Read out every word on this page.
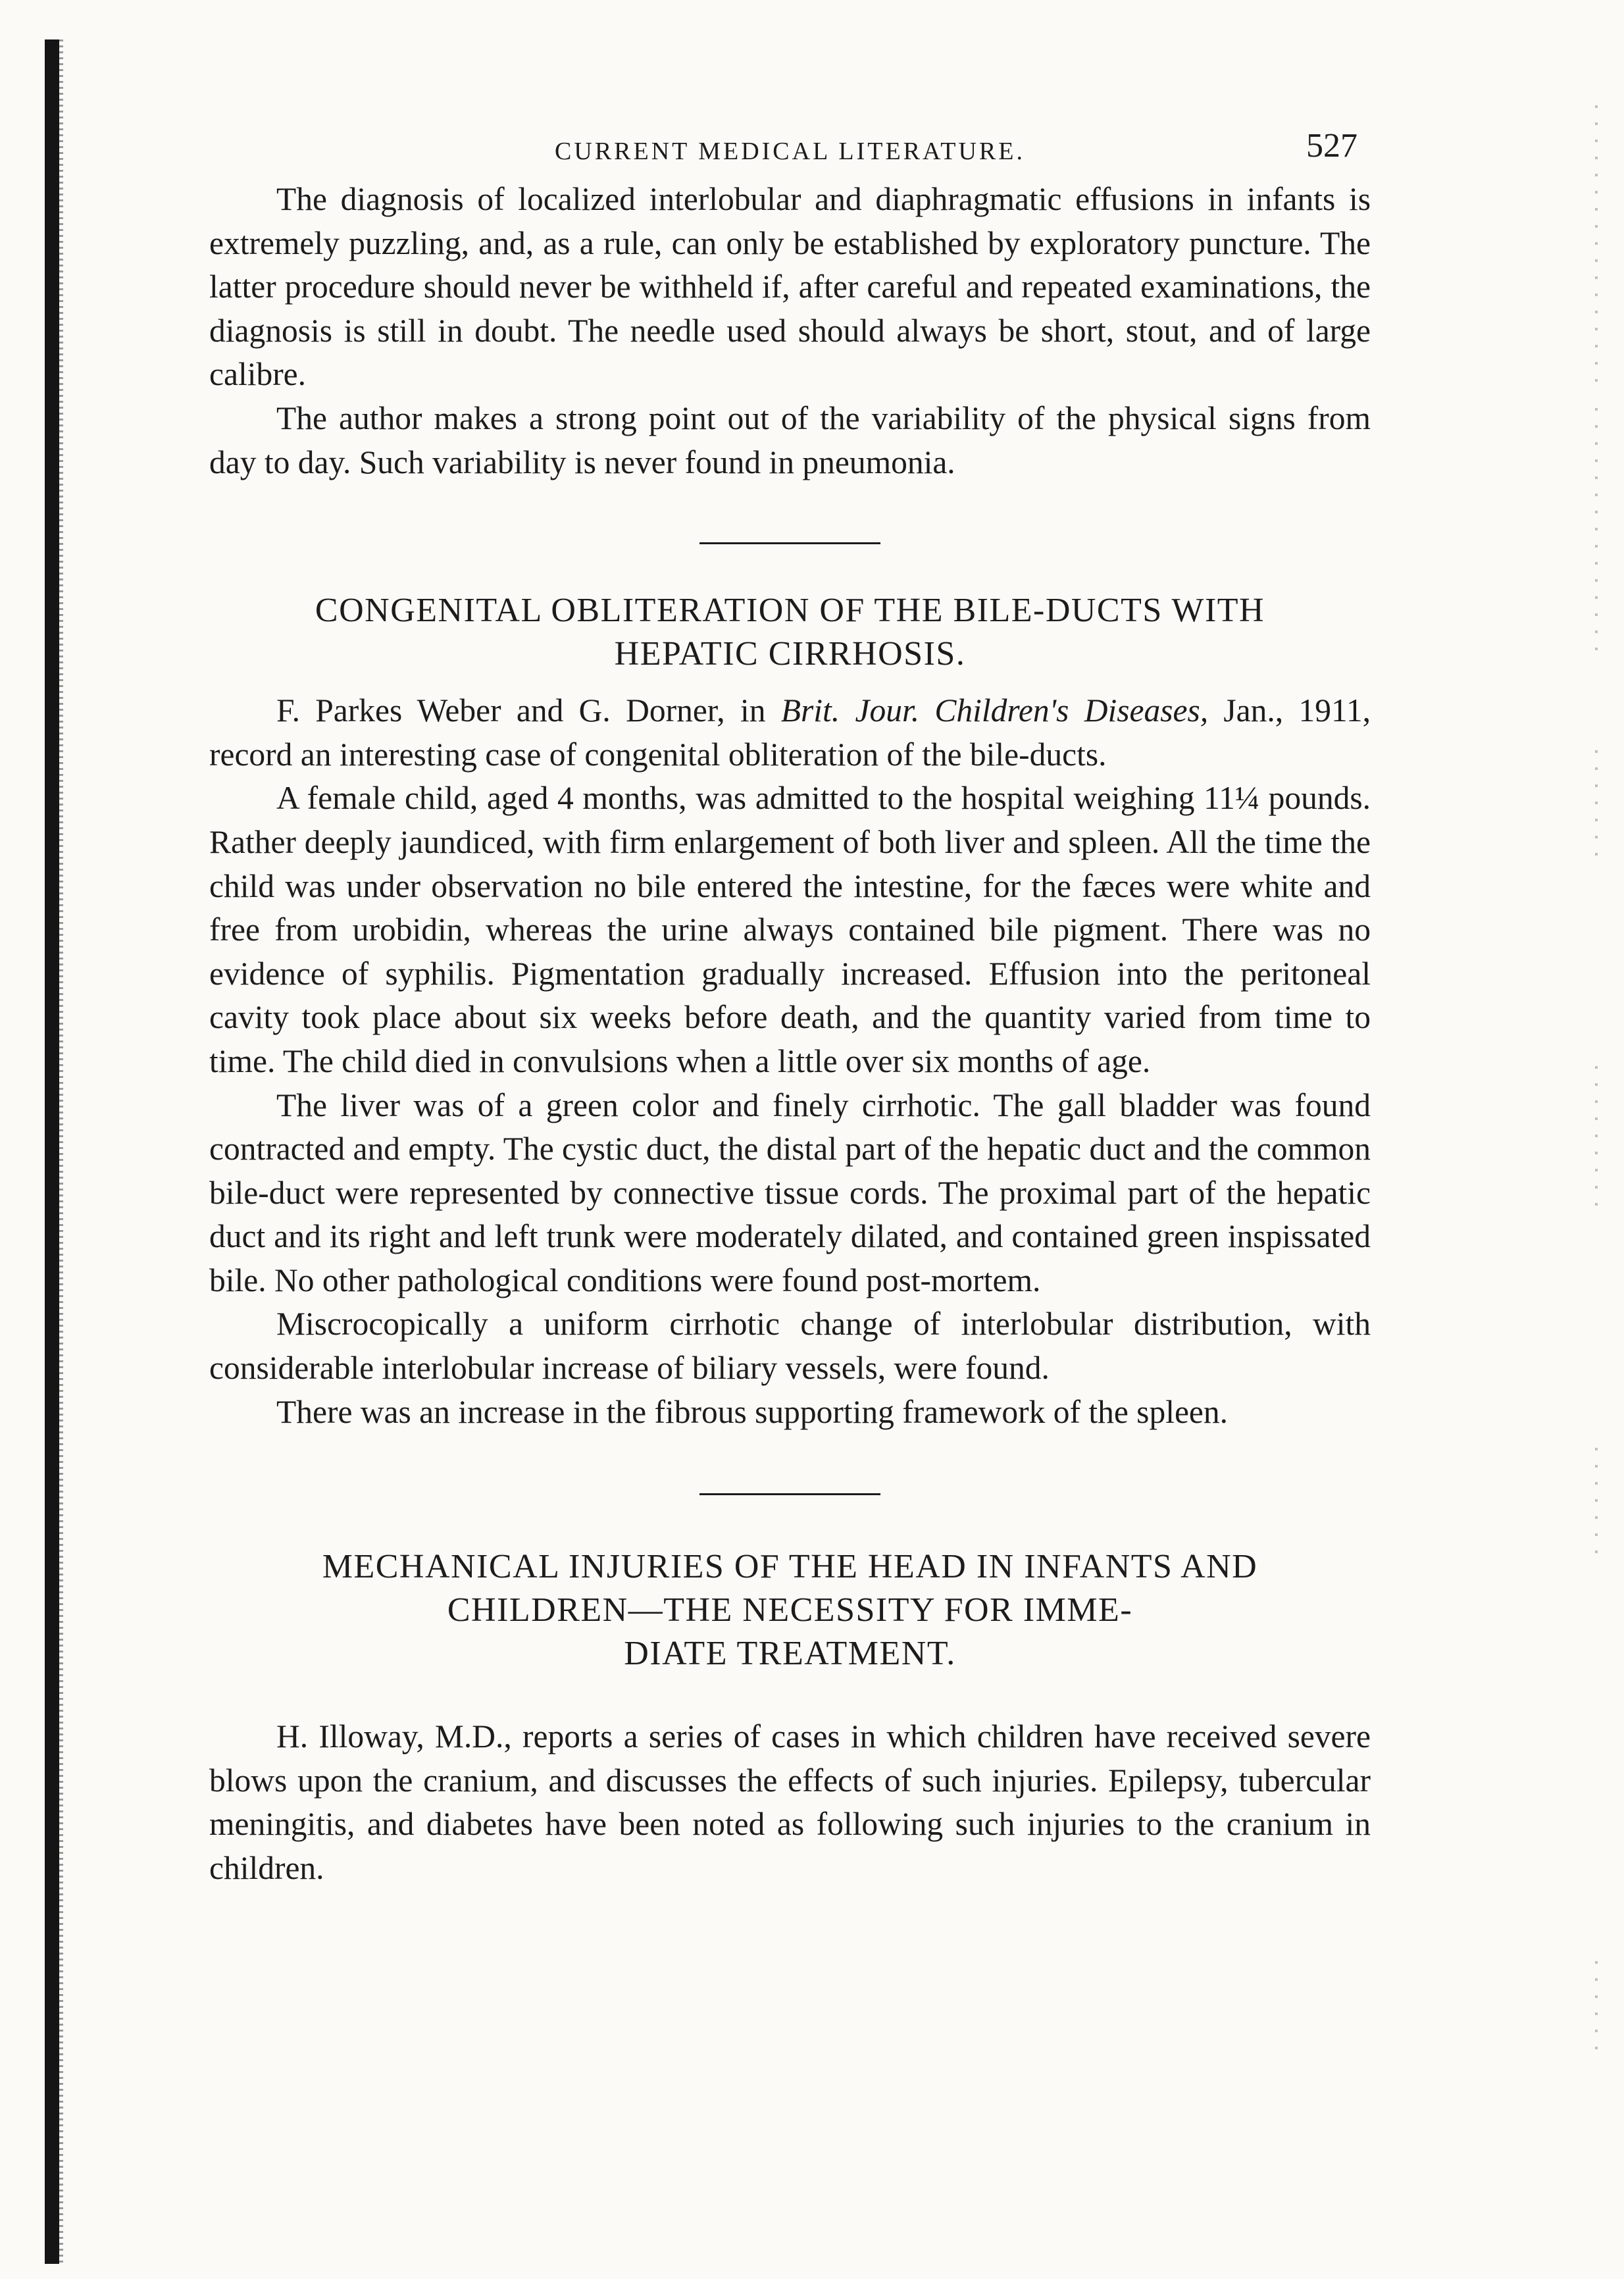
CURRENT MEDICAL LITERATURE.	527

The diagnosis of localized interlobular and diaphragmatic effusions in infants is extremely puzzling, and, as a rule, can only be established by exploratory puncture. The latter procedure should never be withheld if, after careful and repeated examinations, the diagnosis is still in doubt. The needle used should always be short, stout, and of large calibre.

The author makes a strong point out of the variability of the physical signs from day to day. Such variability is never found in pneumonia.

CONGENITAL OBLITERATION OF THE BILE-DUCTS WITH
HEPATIC CIRRHOSIS.

F. Parkes Weber and G. Dorner, in Brit. Jour. Children's Diseases, Jan., 1911, record an interesting case of congenital obliteration of the bile-ducts.

A female child, aged 4 months, was admitted to the hospital weighing 11¼ pounds. Rather deeply jaundiced, with firm enlargement of both liver and spleen. All the time the child was under observation no bile entered the intestine, for the fæces were white and free from urobidin, whereas the urine always contained bile pigment. There was no evidence of syphilis. Pigmentation gradually increased. Effusion into the peritoneal cavity took place about six weeks before death, and the quantity varied from time to time. The child died in convulsions when a little over six months of age.

The liver was of a green color and finely cirrhotic. The gall bladder was found contracted and empty. The cystic duct, the distal part of the hepatic duct and the common bile-duct were represented by connective tissue cords. The proximal part of the hepatic duct and its right and left trunk were moderately dilated, and contained green inspissated bile. No other pathological conditions were found post-mortem.

Miscrocopically a uniform cirrhotic change of interlobular distribution, with considerable interlobular increase of biliary vessels, were found.

There was an increase in the fibrous supporting framework of the spleen.

MECHANICAL INJURIES OF THE HEAD IN INFANTS AND
CHILDREN—THE NECESSITY FOR IMME-
DIATE TREATMENT.

H. Illoway, M.D., reports a series of cases in which children have received severe blows upon the cranium, and discusses the effects of such injuries. Epilepsy, tubercular meningitis, and diabetes have been noted as following such injuries to the cranium in children.
